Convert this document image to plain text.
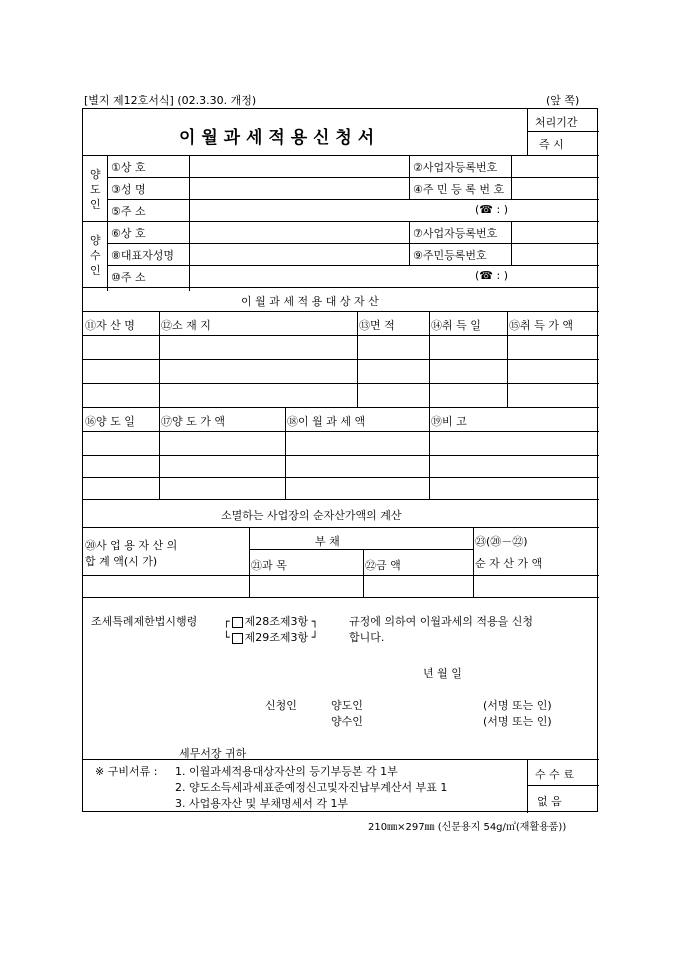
[별지 제12호서식] (02.3.30. 개정)	(앞 쪽)
이 월 과 세 적 용 신 청 서
처리기간
즉 시
양
도
인
①상 호	②사업자등록번호
③성 명	④주 민 등 록 번 호
⑤주 소	(☎ : )
양
수
인
⑥상 호	⑦사업자등록번호
⑧대표자성명	⑨주민등록번호
⑩주 소	(☎ : )
이 월 과 세 적 용 대 상 자 산
⑪자 산 명 ⑫소 재 지	⑬면 적	⑭취 득 일	⑮취 득 가 액
⑯양 도 일 ⑰양 도 가 액	⑱이 월 과 세 액	⑲비 고
소멸하는 사업장의 순자산가액의 계산
⑳사 업 용 자 산 의
합 계 액(시 가)
부 채
㉑과 목	㉒금 액
㉓(⑳－㉒)
순 자 산 가 액
조세특례제한법시행령 ┌ 제28조제3항 ┐
└ 제29조제3항 ┘
규정에 의하여 이월과세의 적용을 신청
합니다.
년 월 일
신청인	양도인
양수인
(서명 또는 인)
(서명 또는 인)
세무서장 귀하
※ 구비서류 : 1. 이월과세적용대상자산의 등기부등본 각 1부
2. 양도소득세과세표준예정신고및자진납부계산서 부표 1
3. 사업용자산 및 부채명세서 각 1부
수 수 료
없 음
210㎜×297㎜ (신문용지 54g/㎡(재활용품))
